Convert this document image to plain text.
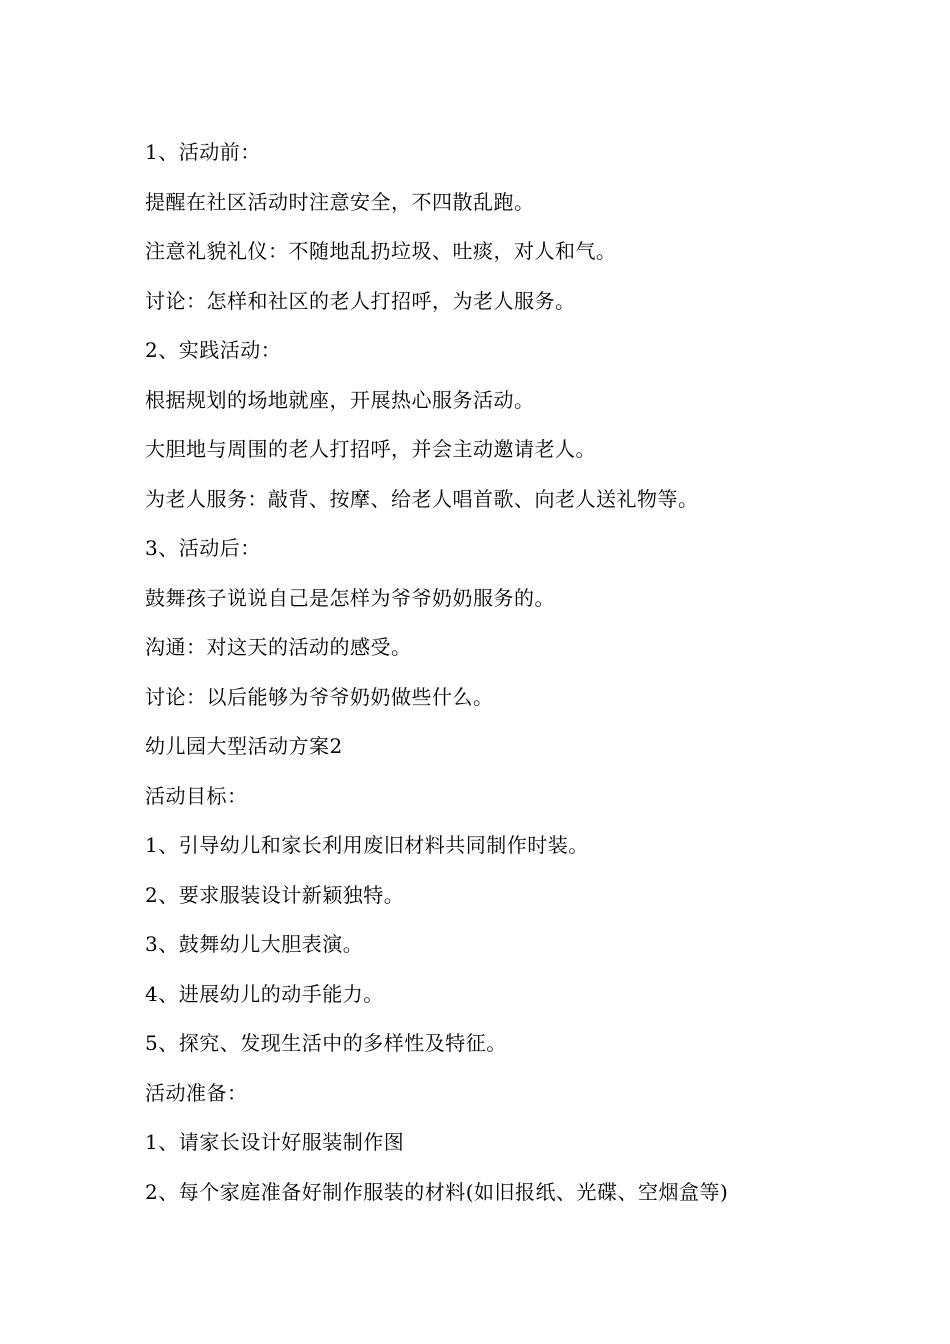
1、活动前：
提醒在社区活动时注意安全，不四散乱跑。
注意礼貌礼仪：不随地乱扔垃圾、吐痰，对人和气。
讨论：怎样和社区的老人打招呼，为老人服务。
2、实践活动：
根据规划的场地就座，开展热心服务活动。
大胆地与周围的老人打招呼，并会主动邀请老人。
为老人服务：敲背、按摩、给老人唱首歌、向老人送礼物等。
3、活动后：
鼓舞孩子说说自己是怎样为爷爷奶奶服务的。
沟通：对这天的活动的感受。
讨论：以后能够为爷爷奶奶做些什么。
幼儿园大型活动方案2
活动目标：
1、引导幼儿和家长利用废旧材料共同制作时装。
2、要求服装设计新颖独特。
3、鼓舞幼儿大胆表演。
4、进展幼儿的动手能力。
5、探究、发现生活中的多样性及特征。
活动准备：
1、请家长设计好服装制作图
2、每个家庭准备好制作服装的材料(如旧报纸、光碟、空烟盒等)
